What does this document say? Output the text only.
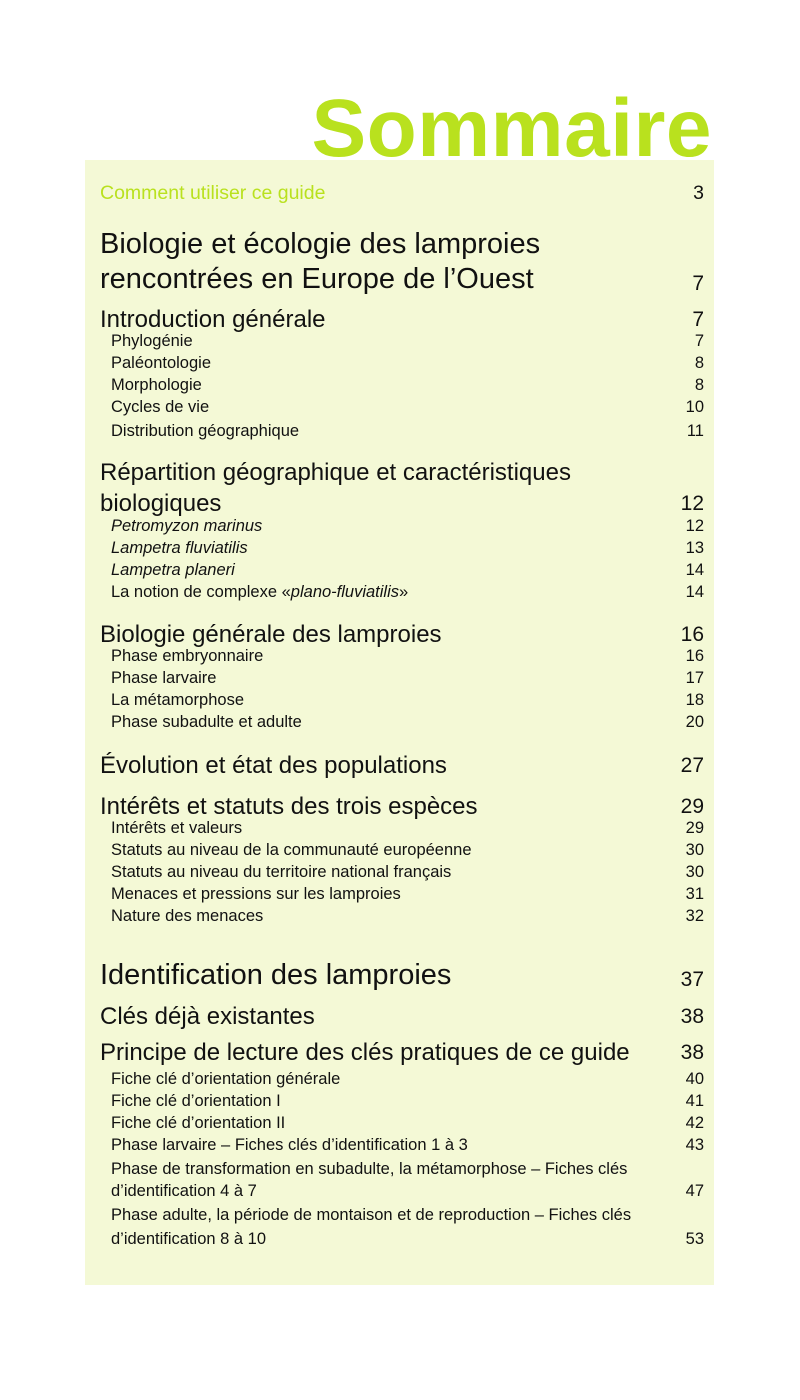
Sommaire
Comment utiliser ce guide	3
Biologie et écologie des lamproies
rencontrées en Europe de l’Ouest	7
Introduction générale	7
Phylogénie	7
Paléontologie	8
Morphologie	8
Cycles de vie	10
Distribution géographique	11
Répartition géographique et caractéristiques
biologiques	12
Petromyzon marinus	12
Lampetra fluviatilis	13
Lampetra planeri	14
La notion de complexe «plano-fluviatilis»	14
Biologie générale des lamproies	16
Phase embryonnaire	16
Phase larvaire	17
La métamorphose	18
Phase subadulte et adulte	20
Évolution et état des populations	27
Intérêts et statuts des trois espèces	29
Intérêts et valeurs	29
Statuts au niveau de la communauté européenne	30
Statuts au niveau du territoire national français	30
Menaces et pressions sur les lamproies	31
Nature des menaces	32
Identification des lamproies	37
Clés déjà existantes	38
Principe de lecture des clés pratiques de ce guide 38
Fiche clé d’orientation générale	40
Fiche clé d’orientation I	41
Fiche clé d’orientation II	42
Phase larvaire – Fiches clés d’identification 1 à 3	43
Phase de transformation en subadulte, la métamorphose – Fiches clés d’identification 4 à 7	47
Phase adulte, la période de montaison et de reproduction – Fiches clés d’identification 8 à 10	53
